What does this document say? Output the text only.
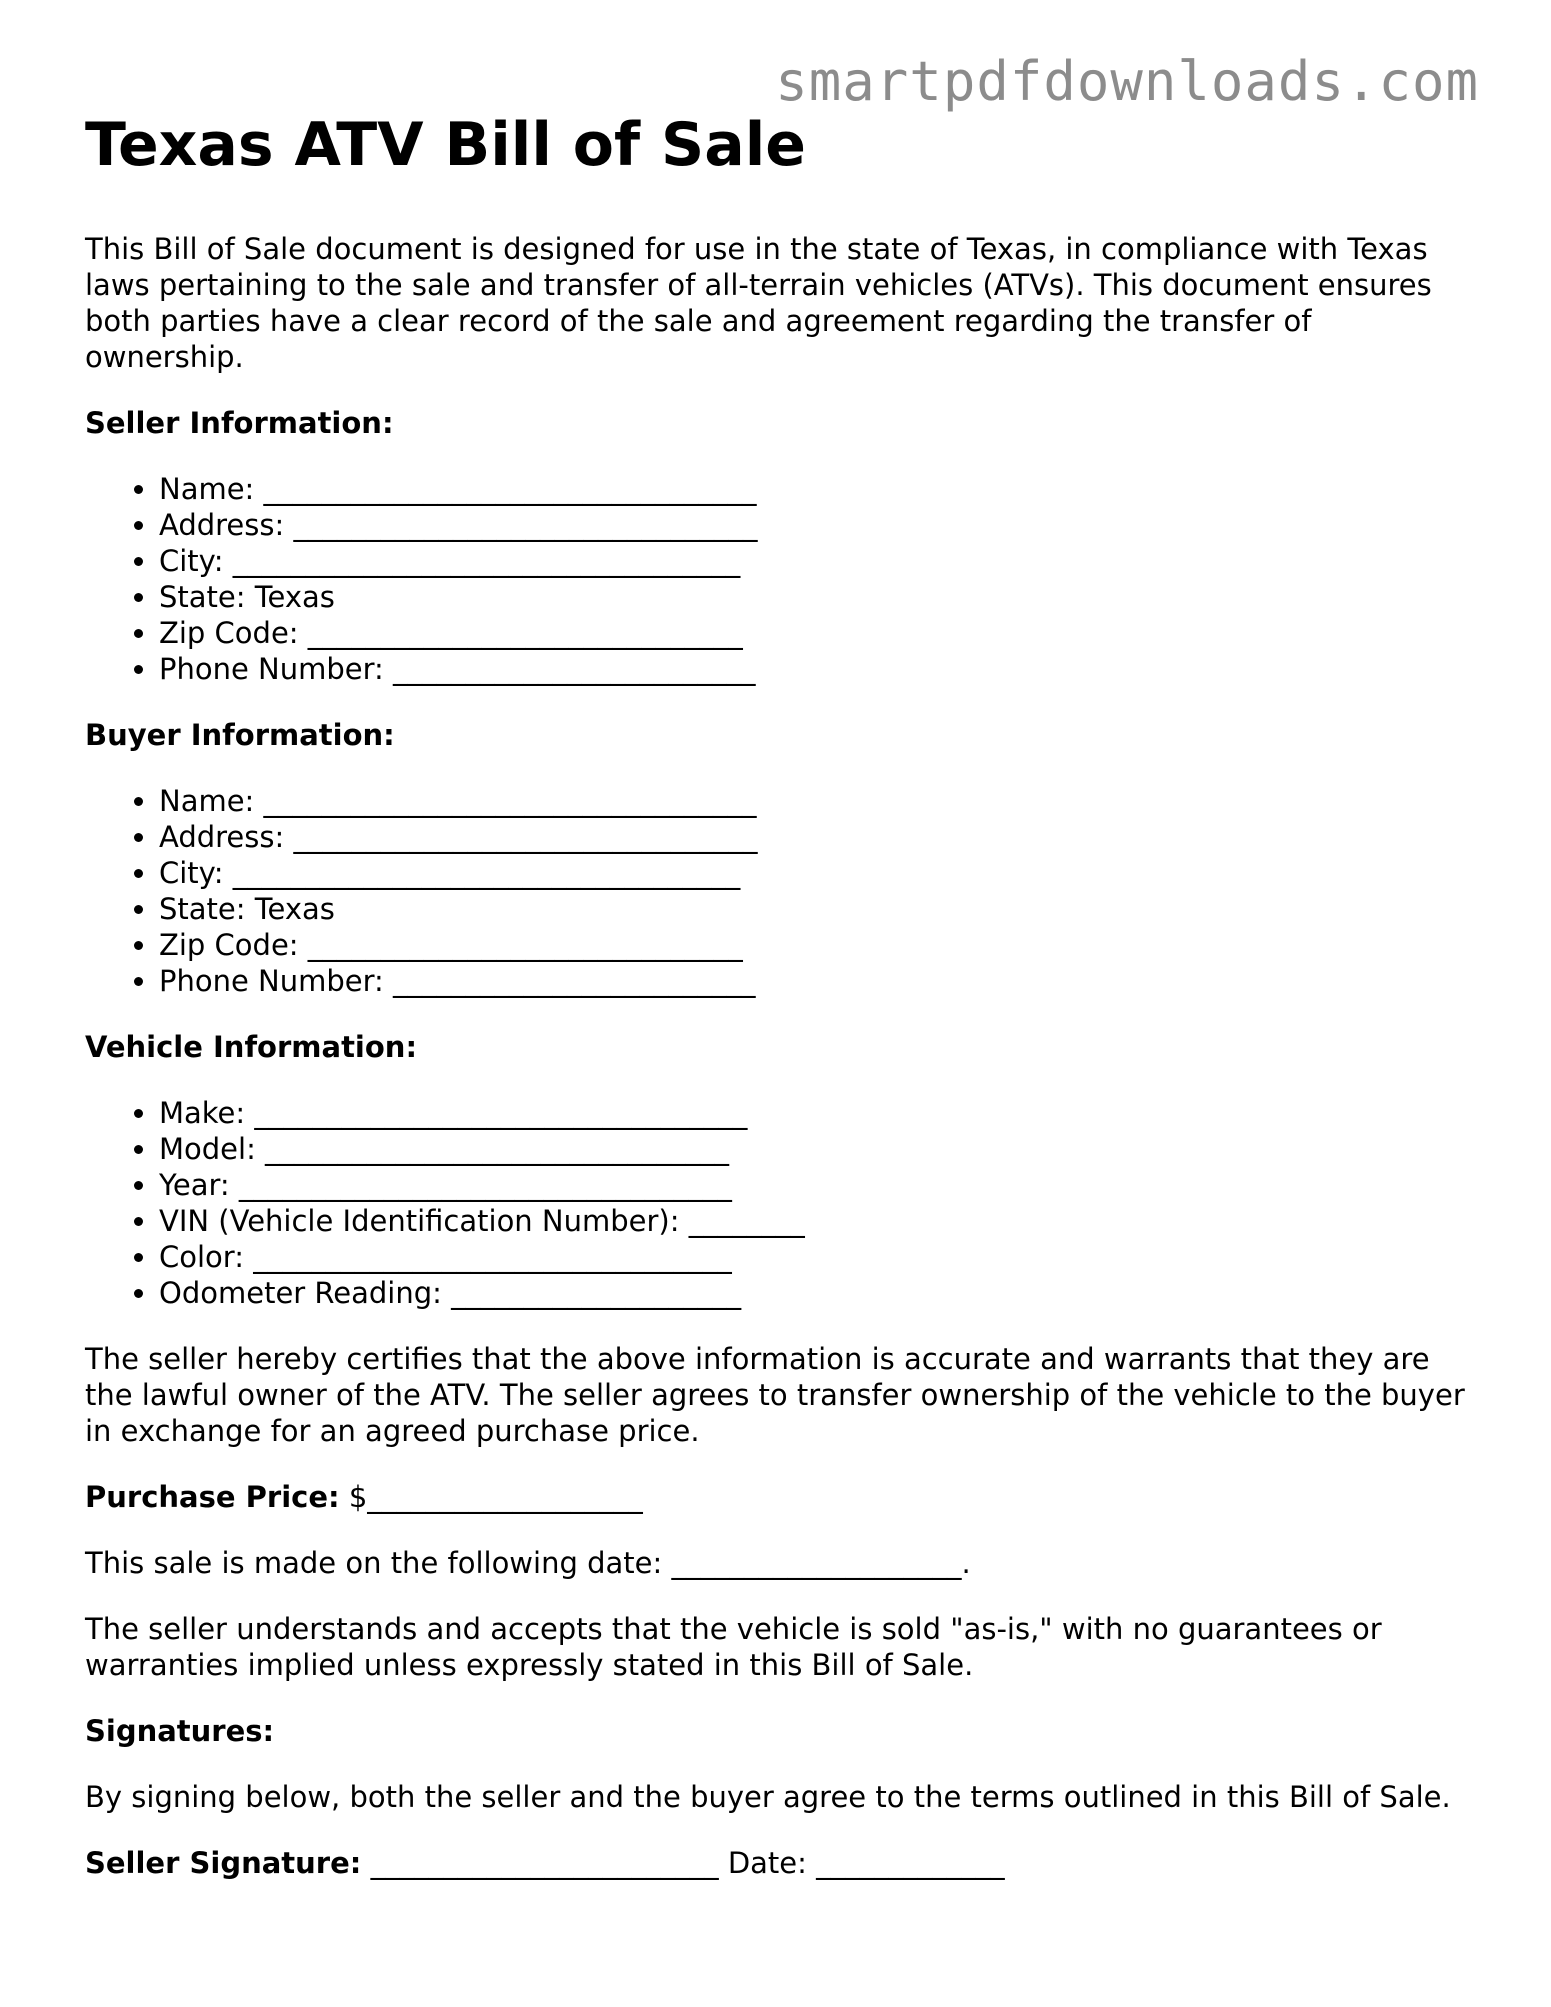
smartpdfdownloads.com
Texas ATV Bill of Sale

This Bill of Sale document is designed for use in the state of Texas, in compliance with Texas laws pertaining to the sale and transfer of all-terrain vehicles (ATVs). This document ensures both parties have a clear record of the sale and agreement regarding the transfer of ownership.

Seller Information:
• Name: __________________________________
• Address: ________________________________
• City: ___________________________________
• State: Texas
• Zip Code: ______________________________
• Phone Number: _________________________
Buyer Information:
• Name: __________________________________
• Address: ________________________________
• City: ___________________________________
• State: Texas
• Zip Code: ______________________________
• Phone Number: _________________________
Vehicle Information:
• Make: __________________________________
• Model: ________________________________
• Year: __________________________________
• VIN (Vehicle Identification Number): ________
• Color: _________________________________
• Odometer Reading: ____________________

The seller hereby certifies that the above information is accurate and warrants that they are the lawful owner of the ATV. The seller agrees to transfer ownership of the vehicle to the buyer in exchange for an agreed purchase price.

Purchase Price: $___________________

This sale is made on the following date: ____________________.

The seller understands and accepts that the vehicle is sold "as-is," with no guarantees or warranties implied unless expressly stated in this Bill of Sale.

Signatures:

By signing below, both the seller and the buyer agree to the terms outlined in this Bill of Sale.

Seller Signature: ________________________ Date: _____________
